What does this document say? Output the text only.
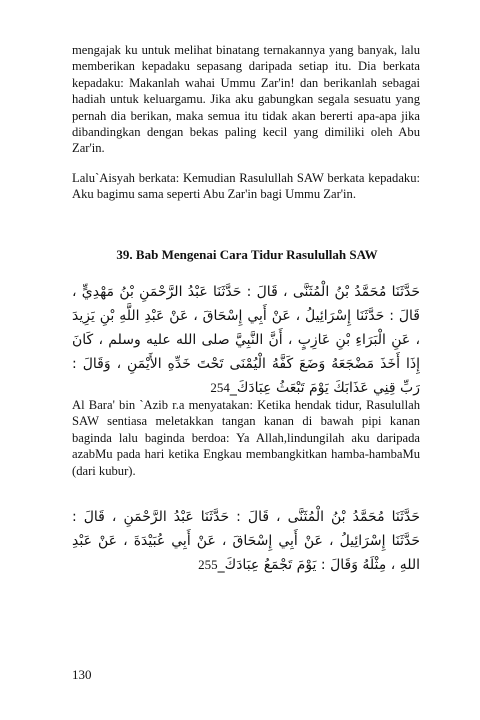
mengajak ku untuk melihat binatang ternakannya yang banyak, lalu memberikan kepadaku sepasang daripada setiap itu. Dia berkata kepadaku: Makanlah wahai Ummu Zar'in! dan berikanlah sebagai hadiah untuk keluargamu. Jika aku gabungkan segala sesuatu yang pernah dia berikan, maka semua itu tidak akan bererti apa-apa jika dibandingkan dengan bekas paling kecil yang dimiliki oleh Abu Zar'in.

Lalu`Aisyah berkata: Kemudian Rasulullah SAW berkata kepadaku: Aku bagimu sama seperti Abu Zar'in bagi Ummu Zar'in.

39. Bab Mengenai Cara Tidur Rasulullah SAW

حَدَّثَنَا مُحَمَّدُ بْنُ الْمُثَنَّى ، قَالَ : حَدَّثَنَا عَبْدُ الرَّحْمَنِ بْنُ مَهْدِيٍّ ، قَالَ : حَدَّثَنَا إِسْرَائِيلُ ، عَنْ أَبِي إِسْحَاقَ ، عَنْ عَبْدِ اللَّهِ بْنِ يَزِيدَ ، عَنِ الْبَرَاءِ بْنِ عَازِبٍ ، أَنَّ النَّبِيَّ صلى الله عليه وسلم ، كَانَ إِذَا أَخَذَ مَضْجَعَهُ وَضَعَ كَفَّهُ الْيُمْنَى تَحْتَ خَدِّهِ الأَيْمَنِ ، وَقَالَ : رَبِّ قِنِي عَذَابَكَ يَوْمَ تَبْعَثُ عِبَادَكَ_254

Al Bara' bin `Azib r.a menyatakan: Ketika hendak tidur, Rasulullah SAW sentiasa meletakkan tangan kanan di bawah pipi kanan baginda lalu baginda berdoa: Ya Allah,lindungilah aku daripada azabMu pada hari ketika Engkau membangkitkan hamba-hambaMu (dari kubur).

حَدَّثَنَا مُحَمَّدُ بْنُ الْمُثَنَّى ، قَالَ : حَدَّثَنَا عَبْدُ الرَّحْمَنِ ، قَالَ : حَدَّثَنَا إِسْرَائِيلُ ، عَنْ أَبِي إِسْحَاقَ ، عَنْ أَبِي عُبَيْدَةَ ، عَنْ عَبْدِ اللهِ ، مِثْلَهُ وَقَالَ : يَوْمَ تَجْمَعُ عِبَادَكَ_255

130
